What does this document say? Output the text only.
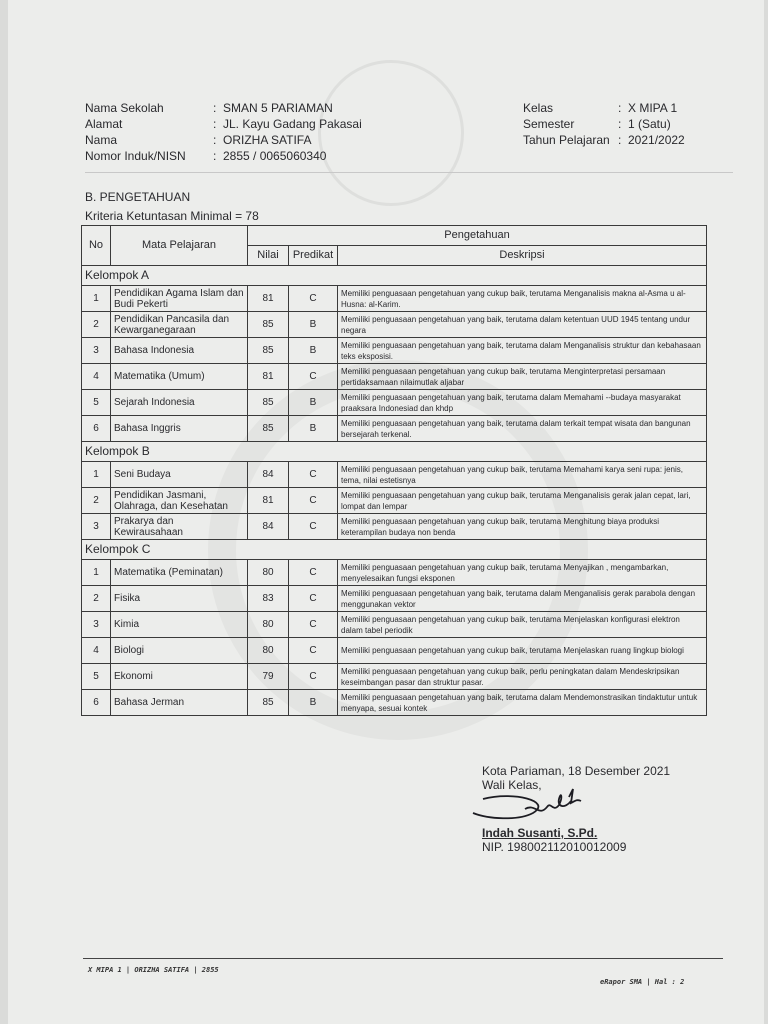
Nama Sekolah	: SMAN 5 PARIAMAN
Alamat	: JL. Kayu Gadang Pakasai
Nama	: ORIZHA SATIFA
Nomor Induk/NISN	: 2855 / 0065060340
Kelas	: X MIPA 1
Semester	: 1 (Satu)
Tahun Pelajaran : 2021/2022
B. PENGETAHUAN
Kriteria Ketuntasan Minimal = 78
No	Mata Pelajaran	Pengetahuan		
		Nilai	Predikat	Deskripsi
Kelompok A				
1	Pendidikan Agama Islam dan Budi Pekerti	81	C	Memiliki penguasaan pengetahuan yang cukup baik, terutama Menganalisis makna al-Asma u al-Husna: al-Karim.
2	Pendidikan Pancasila dan Kewarganegaraan	85	B	Memiliki penguasaan pengetahuan yang baik, terutama dalam ketentuan UUD 1945 tentang undur negara
3	Bahasa Indonesia	85	B	Memiliki penguasaan pengetahuan yang baik, terutama dalam Menganalisis struktur dan kebahasaan teks eksposisi.
4	Matematika (Umum)	81	C	Memiliki penguasaan pengetahuan yang cukup baik, terutama Menginterpretasi persamaan pertidaksamaan nilaimutlak aljabar
5	Sejarah Indonesia	85	B	Memiliki penguasaan pengetahuan yang baik, terutama dalam Memahami --budaya masyarakat praaksara Indonesiad dan khdp
6	Bahasa Inggris	85	B	Memiliki penguasaan pengetahuan yang baik, terutama dalam terkait tempat wisata dan bangunan bersejarah terkenal.
Kelompok B				
1	Seni Budaya	84	C	Memiliki penguasaan pengetahuan yang cukup baik, terutama Memahami karya seni rupa: jenis, tema, nilai estetisnya
2	Pendidikan Jasmani, Olahraga, dan Kesehatan	81	C	Memiliki penguasaan pengetahuan yang cukup baik, terutama Menganalisis gerak jalan cepat, lari, lompat dan lempar
3	Prakarya dan Kewirausahaan	84	C	Memiliki penguasaan pengetahuan yang cukup baik, terutama Menghitung biaya produksi keterampilan budaya non benda
Kelompok C				
1	Matematika (Peminatan)	80	C	Memiliki penguasaan pengetahuan yang cukup baik, terutama Menyajikan , mengambarkan, menyelesaikan fungsi eksponen
2	Fisika	83	C	Memiliki penguasaan pengetahuan yang baik, terutama dalam Menganalisis gerak parabola dengan menggunakan vektor
3	Kimia	80	C	Memiliki penguasaan pengetahuan yang cukup baik, terutama Menjelaskan konfigurasi elektron dalam tabel periodik
4	Biologi	80	C	Memiliki penguasaan pengetahuan yang cukup baik, terutama Menjelaskan ruang lingkup biologi
5	Ekonomi	79	C	Memiliki penguasaan pengetahuan yang cukup baik, perlu peningkatan dalam Mendeskripsikan keseimbangan pasar dan struktur pasar.
6	Bahasa Jerman	85	B	Memiliki penguasaan pengetahuan yang baik, terutama dalam Mendemonstrasikan tindaktutur untuk menyapa, sesuai kontek
Kota Pariaman, 18 Desember 2021
Wali Kelas,
Indah Susanti, S.Pd.
NIP. 198002112010012009
X MIPA 1 | ORIZHA SATIFA | 2855
eRapor SMA | Hal : 2
